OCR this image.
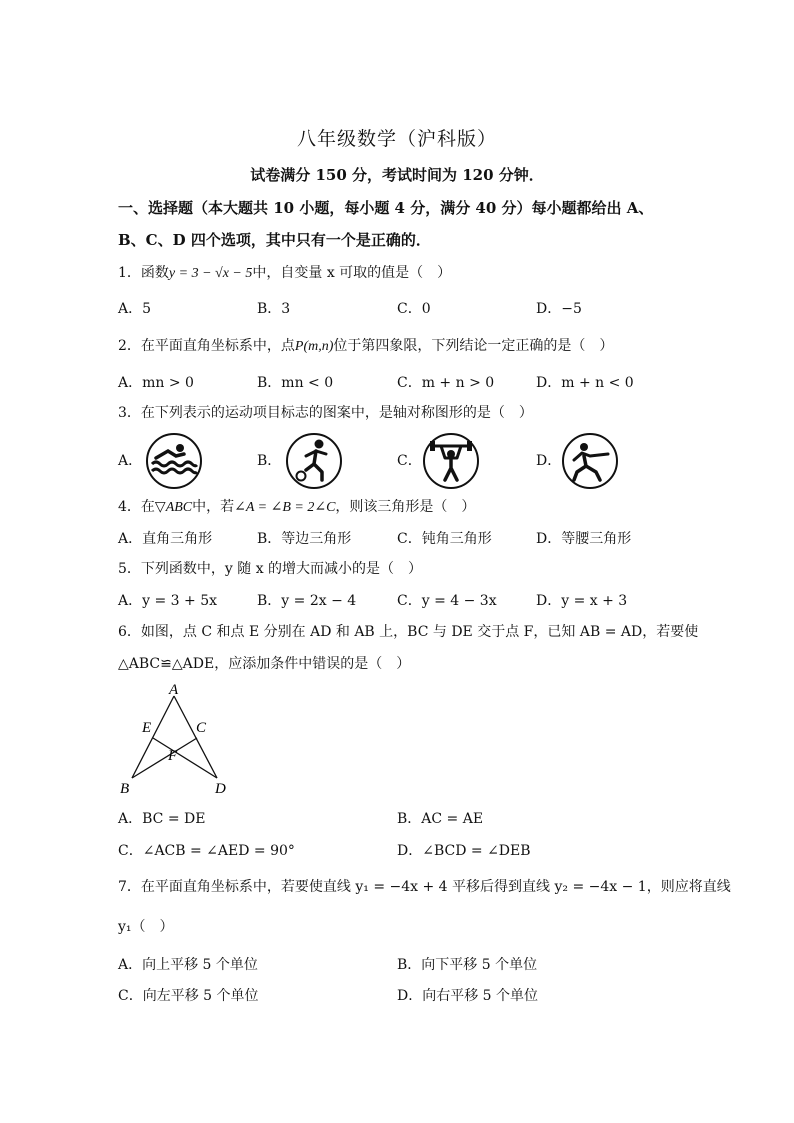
八年级数学（沪科版）
试卷满分 150 分，考试时间为 120 分钟．
一、选择题（本大题共 10 小题，每小题 4 分，满分 40 分）每小题都给出 A、
B、C、D 四个选项，其中只有一个是正确的．
1．函数y = 3 − √x − 5中，自变量 x 可取的值是（　）
A．5	B．3	C．0	D．−5
2．在平面直角坐标系中，点P(m,n)位于第四象限，下列结论一定正确的是（　）
A．mn > 0	B．mn < 0	C．m + n > 0	D．m + n < 0
3．在下列表示的运动项目标志的图案中，是轴对称图形的是（　）
A．	B．	C．	D．
4．在▽ABC中，若∠A = ∠B = 2∠C，则该三角形是（　）
A．直角三角形	B．等边三角形	C．钝角三角形	D．等腰三角形
5．下列函数中，y 随 x 的增大而减小的是（　）
A．y = 3 + 5x	B．y = 2x − 4	C．y = 4 − 3x	D．y = x + 3
6．如图，点 C 和点 E 分别在 AD 和 AB 上，BC 与 DE 交于点 F，已知 AB = AD，若要使
△ABC≌△ADE，应添加条件中错误的是（　）
A
E	C
F
B	D
A．BC = DE	B．AC = AE
C．∠ACB = ∠AED = 90°	D．∠BCD = ∠DEB
7．在平面直角坐标系中，若要使直线 y₁ = −4x + 4 平移后得到直线 y₂ = −4x − 1，则应将直线
y₁（　）
A．向上平移 5 个单位	B．向下平移 5 个单位
C．向左平移 5 个单位	D．向右平移 5 个单位
